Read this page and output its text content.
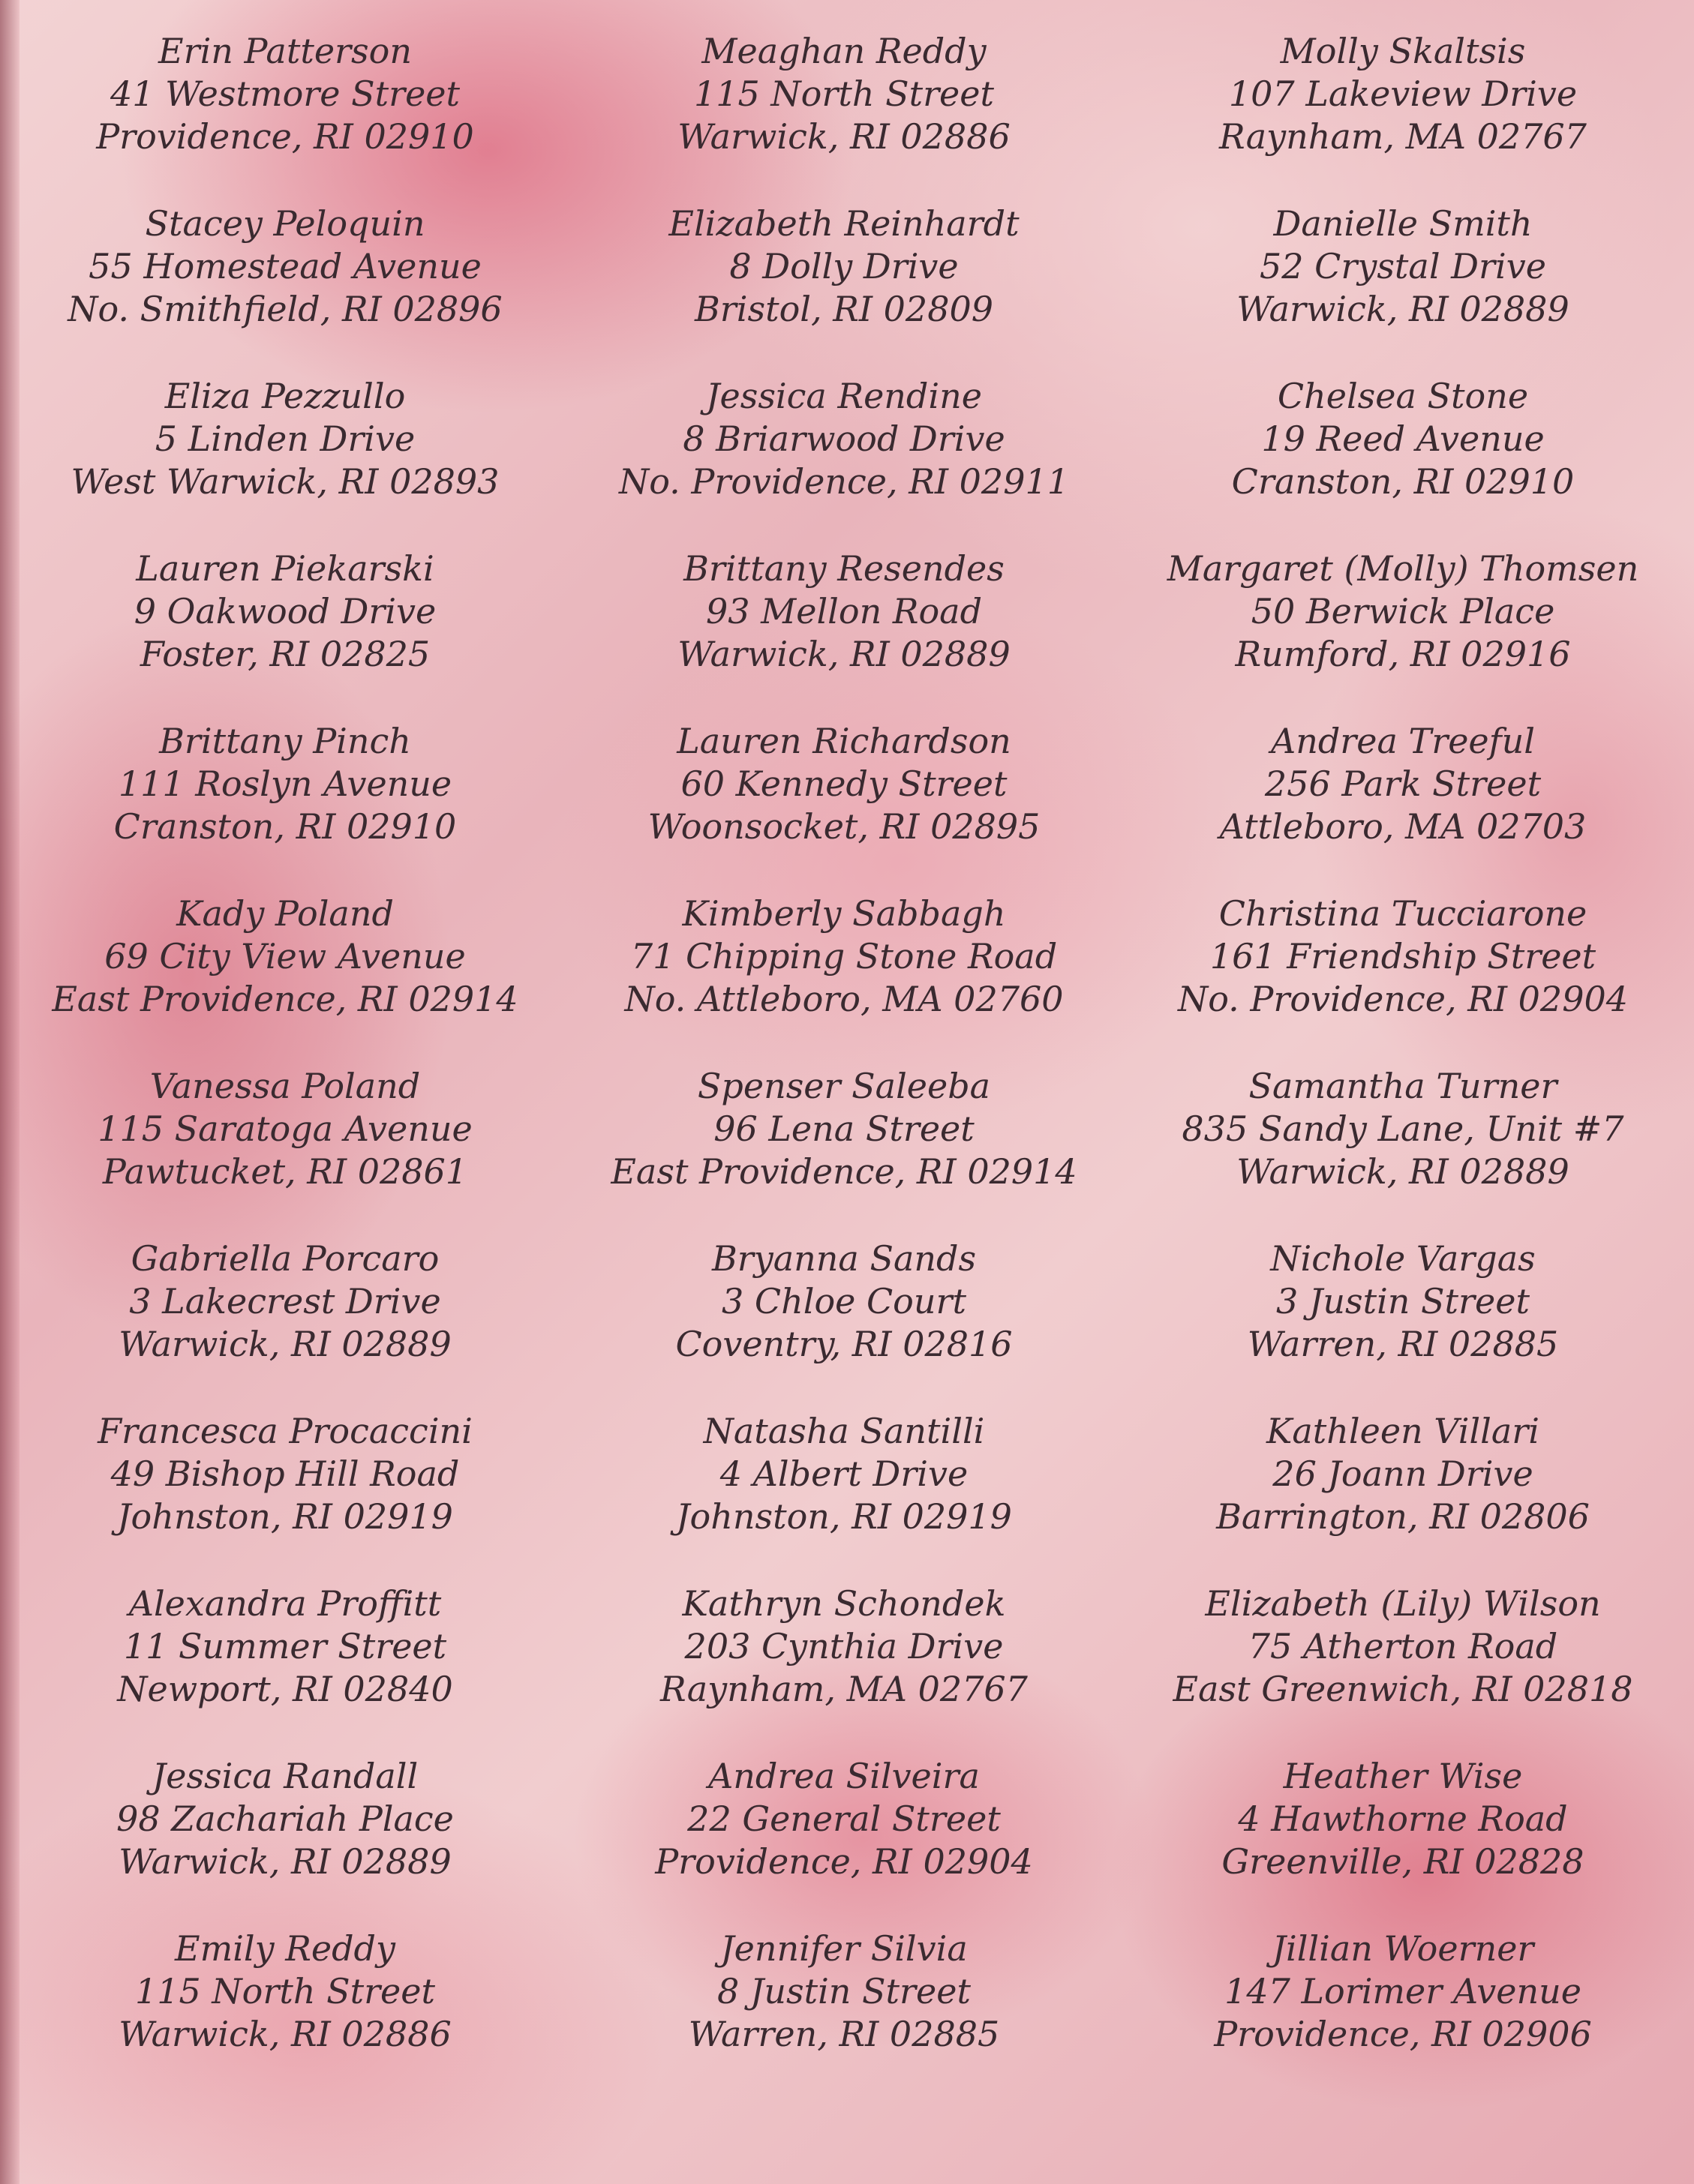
Erin Patterson
41 Westmore Street
Providence, RI 02910
Stacey Peloquin
55 Homestead Avenue
No. Smithfield, RI 02896
Eliza Pezzullo
5 Linden Drive
West Warwick, RI 02893
Lauren Piekarski
9 Oakwood Drive
Foster, RI 02825
Brittany Pinch
111 Roslyn Avenue
Cranston, RI 02910
Kady Poland
69 City View Avenue
East Providence, RI 02914
Vanessa Poland
115 Saratoga Avenue
Pawtucket, RI 02861
Gabriella Porcaro
3 Lakecrest Drive
Warwick, RI 02889
Francesca Procaccini
49 Bishop Hill Road
Johnston, RI 02919
Alexandra Proffitt
11 Summer Street
Newport, RI 02840
Jessica Randall
98 Zachariah Place
Warwick, RI 02889
Emily Reddy
115 North Street
Warwick, RI 02886
Meaghan Reddy
115 North Street
Warwick, RI 02886
Elizabeth Reinhardt
8 Dolly Drive
Bristol, RI 02809
Jessica Rendine
8 Briarwood Drive
No. Providence, RI 02911
Brittany Resendes
93 Mellon Road
Warwick, RI 02889
Lauren Richardson
60 Kennedy Street
Woonsocket, RI 02895
Kimberly Sabbagh
71 Chipping Stone Road
No. Attleboro, MA 02760
Spenser Saleeba
96 Lena Street
East Providence, RI 02914
Bryanna Sands
3 Chloe Court
Coventry, RI 02816
Natasha Santilli
4 Albert Drive
Johnston, RI 02919
Kathryn Schondek
203 Cynthia Drive
Raynham, MA 02767
Andrea Silveira
22 General Street
Providence, RI 02904
Jennifer Silvia
8 Justin Street
Warren, RI 02885
Molly Skaltsis
107 Lakeview Drive
Raynham, MA 02767
Danielle Smith
52 Crystal Drive
Warwick, RI 02889
Chelsea Stone
19 Reed Avenue
Cranston, RI 02910
Margaret (Molly) Thomsen
50 Berwick Place
Rumford, RI 02916
Andrea Treeful
256 Park Street
Attleboro, MA 02703
Christina Tucciarone
161 Friendship Street
No. Providence, RI 02904
Samantha Turner
835 Sandy Lane, Unit #7
Warwick, RI 02889
Nichole Vargas
3 Justin Street
Warren, RI 02885
Kathleen Villari
26 Joann Drive
Barrington, RI 02806
Elizabeth (Lily) Wilson
75 Atherton Road
East Greenwich, RI 02818
Heather Wise
4 Hawthorne Road
Greenville, RI 02828
Jillian Woerner
147 Lorimer Avenue
Providence, RI 02906
